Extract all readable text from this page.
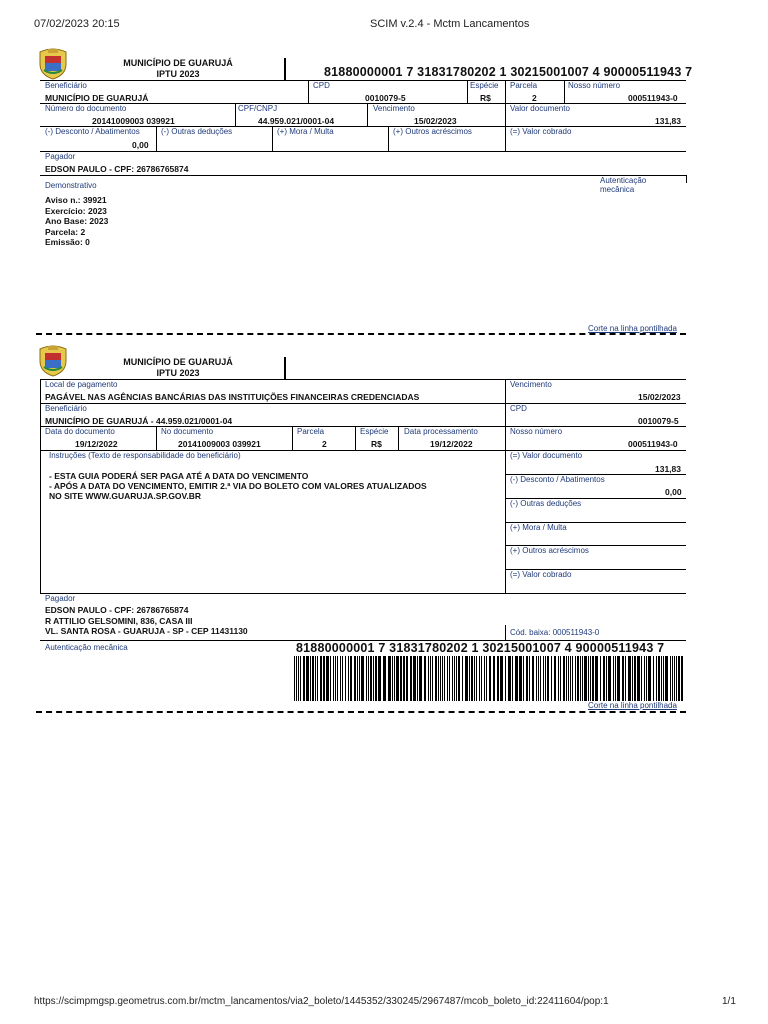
07/02/2023 20:15	SCIM v.2.4 - Mctm Lancamentos
MUNICÍPIO DE GUARUJÁ
IPTU 2023	81880000001 7 31831780202 1 30215001007 4 90000511943 7
Beneficiário
MUNICÍPIO DE GUARUJÁ
CPD
0010079-5
Espécie
R$
Parcela
2
Nosso número
000511943-0
Número do documento
20141009003 039921
CPF/CNPJ
44.959.021/0001-04
Vencimento
15/02/2023
Valor documento
131,83
(-) Desconto / Abatimentos
0,00
(-) Outras deduções	(+) Mora / Multa	(+) Outros acréscimos	(=) Valor cobrado
Pagador
EDSON PAULO - CPF: 26786765874
Demonstrativo
Autenticação mecânica
Aviso n.: 39921
Exercício: 2023
Ano Base: 2023
Parcela: 2
Emissão: 0
Corte na linha pontilhada
MUNICÍPIO DE GUARUJÁ
IPTU 2023
Local de pagamento
PAGÁVEL NAS AGÊNCIAS BANCÁRIAS DAS INSTITUIÇÕES FINANCEIRAS CREDENCIADAS
Vencimento
15/02/2023
Beneficiário
MUNICÍPIO DE GUARUJÁ - 44.959.021/0001-04
CPD
0010079-5
Data do documento
19/12/2022
No documento
20141009003 039921
Parcela
2
Espécie
R$
Data processamento
19/12/2022
Nosso número
000511943-0
Instruções (Texto de responsabilidade do beneficiário)
- ESTA GUIA PODERÁ SER PAGA ATÉ A DATA DO VENCIMENTO
- APÓS A DATA DO VENCIMENTO, EMITIR 2.ª VIA DO BOLETO COM VALORES ATUALIZADOS
NO SITE WWW.GUARUJA.SP.GOV.BR
(=) Valor documento
131,83
(-) Desconto / Abatimentos
0,00
(-) Outras deduções
(+) Mora / Multa
(+) Outros acréscimos
(=) Valor cobrado
Pagador
EDSON PAULO - CPF: 26786765874
R ATTILIO GELSOMINI, 836, CASA III
VL. SANTA ROSA - GUARUJA - SP - CEP 11431130	Cód. baixa: 000511943-0
Autenticação mecânica	81880000001 7 31831780202 1 30215001007 4 90000511943 7
Corte na linha pontilhada
https://scimpmgsp.geometrus.com.br/mctm_lancamentos/via2_boleto/1445352/330245/2967487/mcob_boleto_id:22411604/pop:1	1/1
